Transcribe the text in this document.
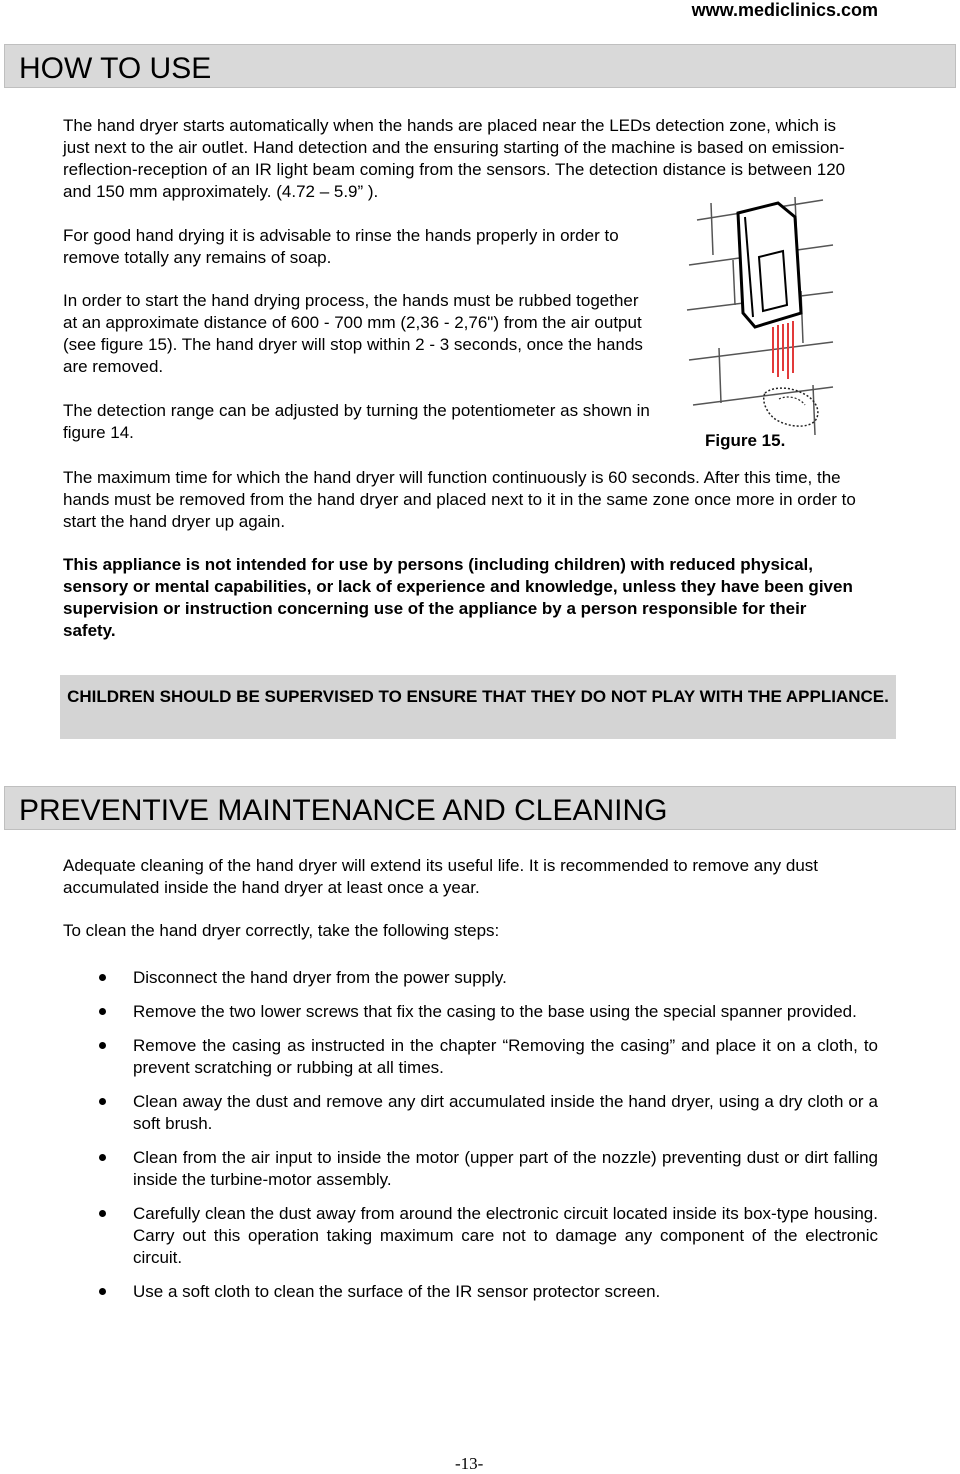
www.mediclinics.com
HOW TO USE

The hand dryer starts automatically when the hands are placed near the LEDs detection zone, which is just next to the air outlet. Hand detection and the ensuring starting of the machine is based on emission-reflection-reception of an IR light beam coming from the sensors. The detection distance is between 120 and 150 mm approximately. (4.72 – 5.9” ).

For good hand drying it is advisable to rinse the hands properly in order to remove totally any remains of soap.

In order to start the hand drying process, the hands must be rubbed together at an approximate distance of 600 - 700 mm (2,36 - 2,76") from the air output (see figure 15). The hand dryer will stop within 2 - 3 seconds, once the hands are removed.

The detection range can be adjusted by turning the potentiometer as shown in figure 14.	Figure 15.

The maximum time for which the hand dryer will function continuously is 60 seconds. After this time, the hands must be removed from the hand dryer and placed next to it in the same zone once more in order to start the hand dryer up again.

This appliance is not intended for use by persons (including children) with reduced physical, sensory or mental capabilities, or lack of experience and knowledge, unless they have been given supervision or instruction concerning use of the appliance by a person responsible for their safety.

CHILDREN SHOULD BE SUPERVISED TO ENSURE THAT THEY DO NOT PLAY WITH THE APPLIANCE.
PREVENTIVE MAINTENANCE AND CLEANING

Adequate cleaning of the hand dryer will extend its useful life. It is recommended to remove any dust accumulated inside the hand dryer at least once a year.

To clean the hand dryer correctly, take the following steps:

Disconnect the hand dryer from the power supply.
Remove the two lower screws that fix the casing to the base using the special spanner provided.
Remove the casing as instructed in the chapter “Removing the casing” and place it on a cloth, to prevent scratching or rubbing at all times.
Clean away the dust and remove any dirt accumulated inside the hand dryer, using a dry cloth or a soft brush.
Clean from the air input to inside the motor (upper part of the nozzle) preventing dust or dirt falling inside the turbine-motor assembly.
Carefully clean the dust away from around the electronic circuit located inside its box-type housing. Carry out this operation taking maximum care not to damage any component of the electronic circuit.
Use a soft cloth to clean the surface of the IR sensor protector screen.
-13-
